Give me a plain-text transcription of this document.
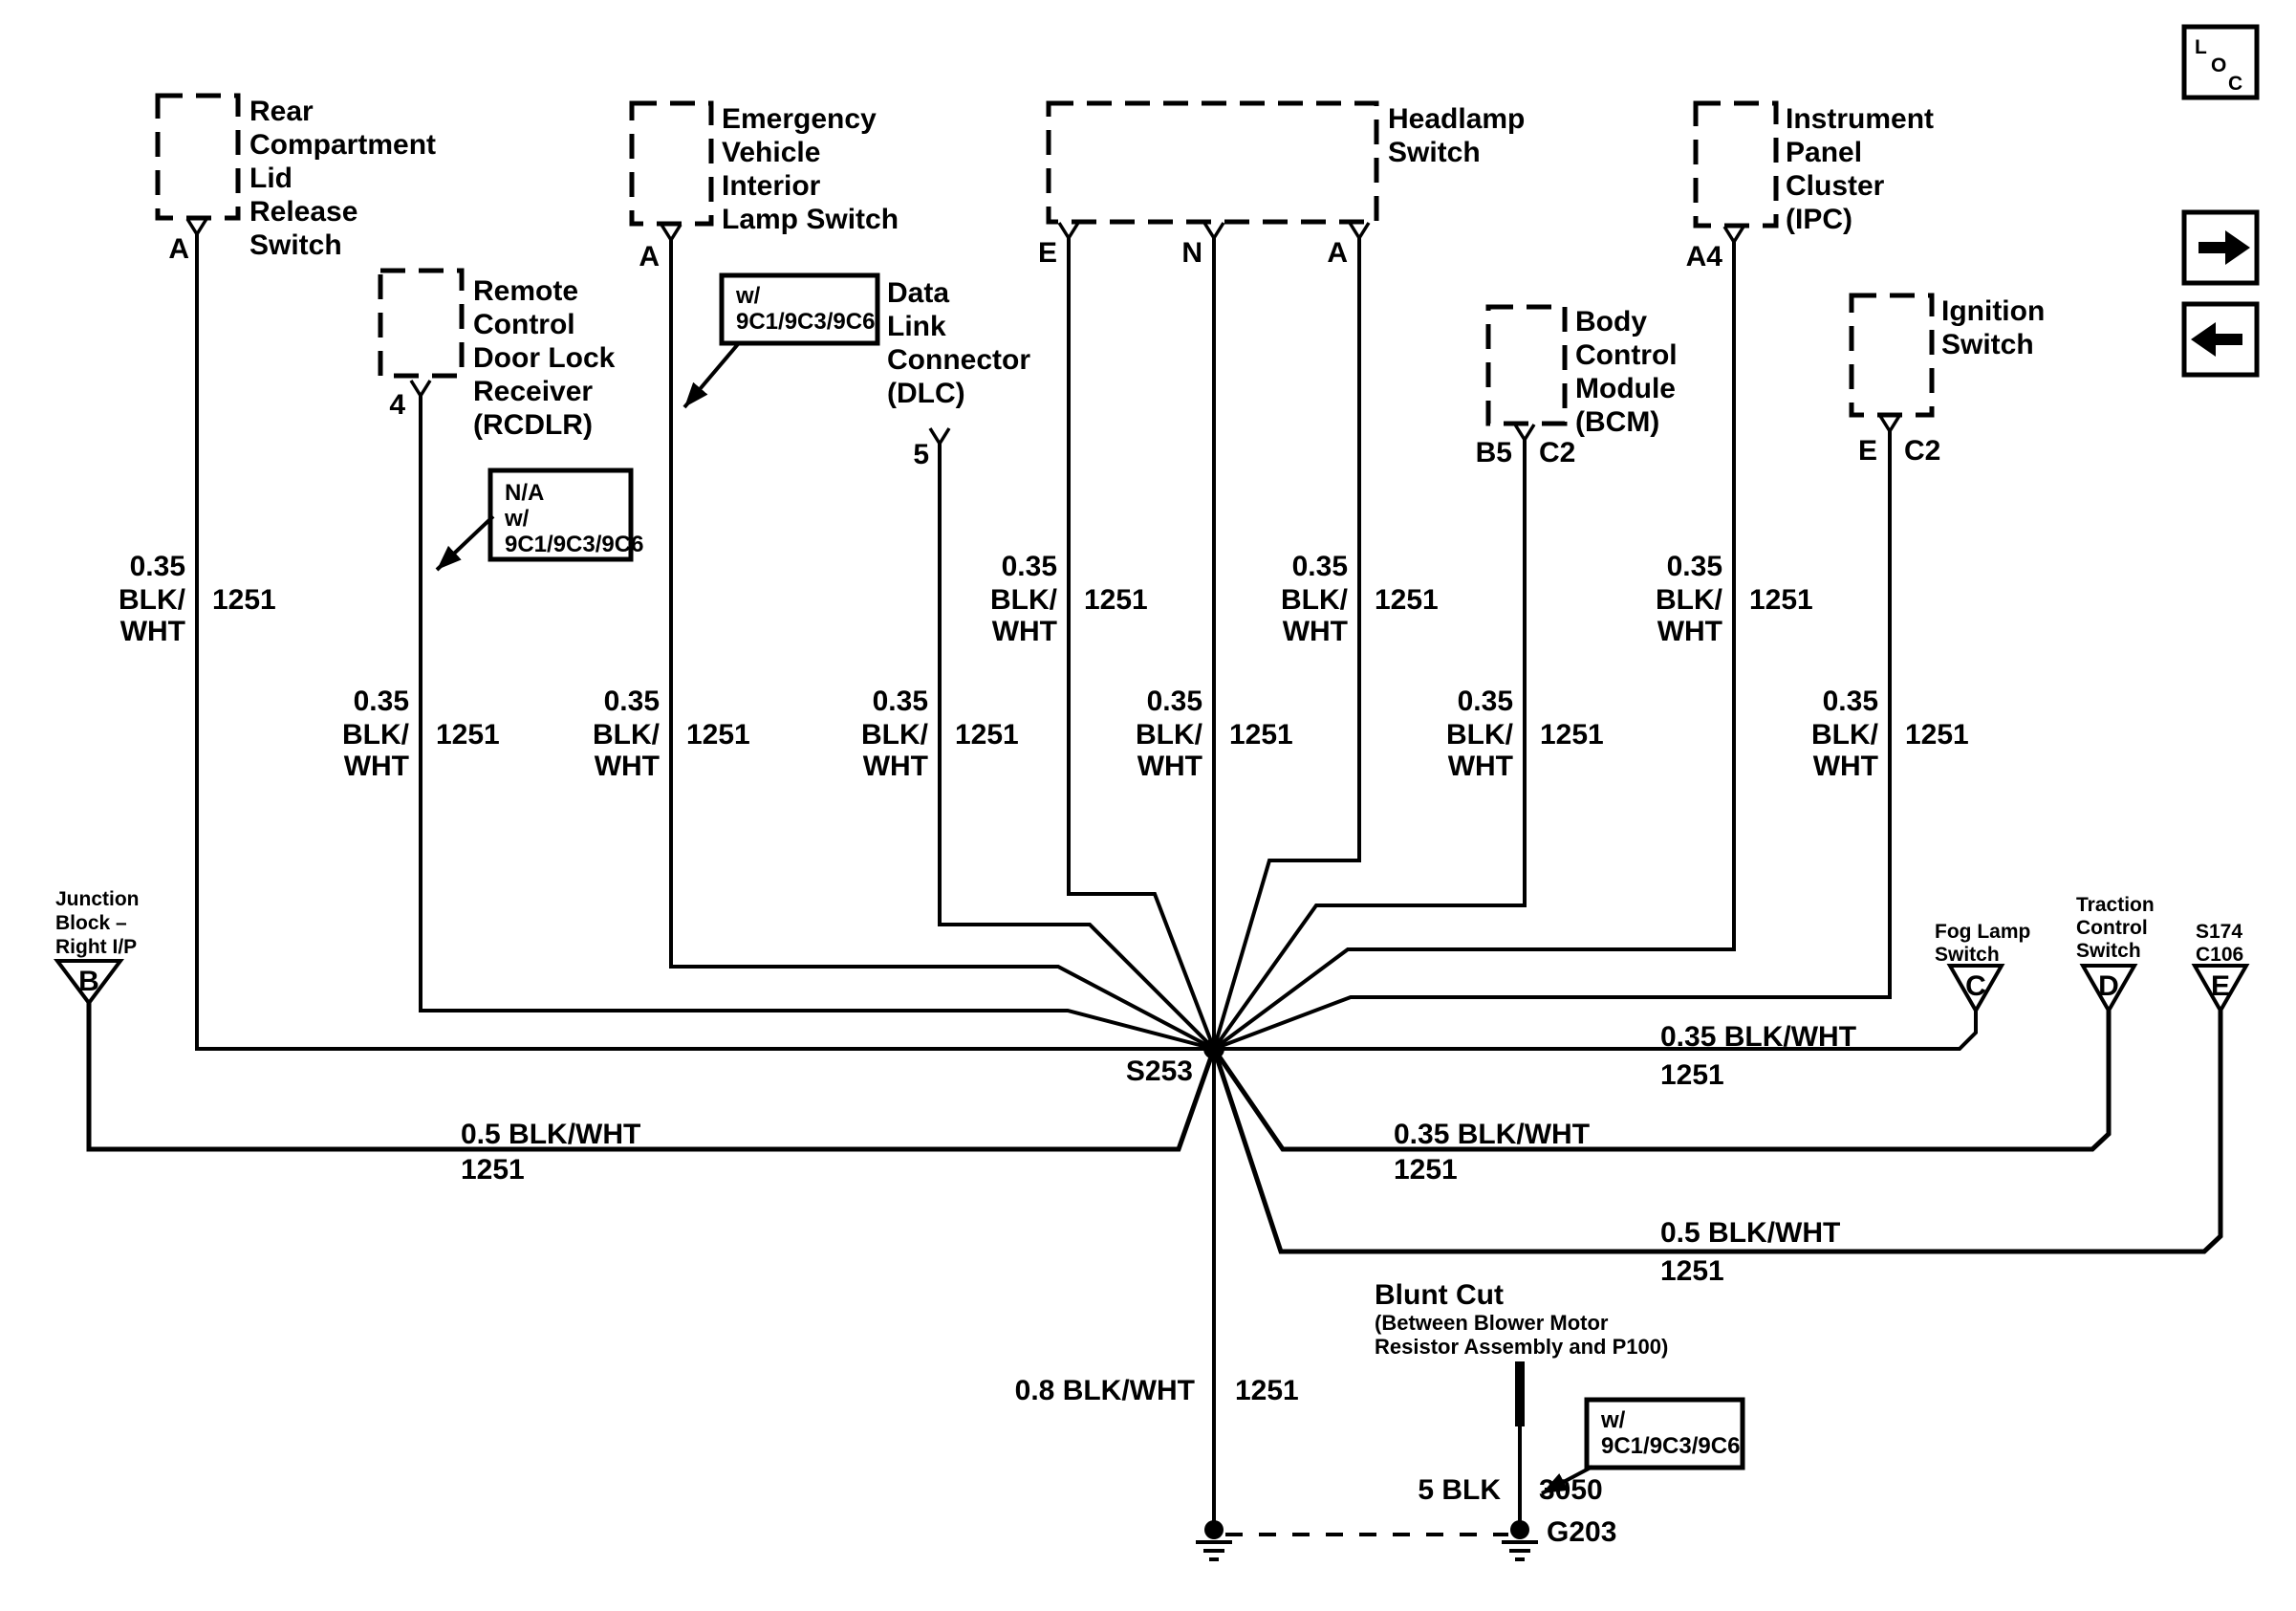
L
O
C
Rear
Compartment
Lid
Release
Switch
A
Remote
Control
Door Lock
Receiver
(RCDLR)
4
Emergency
Vehicle
Interior
Lamp Switch
A
Data
Link
Connector
(DLC)
5
Headlamp
Switch
E	N	A
Body
Control
Module
(BCM)
B5 C2
Instrument
Panel
Cluster
(IPC)
A4
Ignition
Switch
E C2
Junction
Block –
Right I/P
B
Fog Lamp
Switch
C
Traction
Control
Switch
D
S174
C106
E
0.35
BLK/
WHT
1251
0.35
BLK/
WHT
1251
0.35
BLK/
WHT
1251
0.35
BLK/
WHT
1251
0.35
BLK/
WHT
1251
0.35
BLK/
WHT
1251
0.35
BLK/
WHT
1251
0.35
BLK/
WHT
1251
0.35
BLK/
WHT
1251
0.35
BLK/
WHT
1251
0.5 BLK/WHT
1251
0.35 BLK/WHT
1251
0.35 BLK/WHT
1251
0.5 BLK/WHT
1251
0.8 BLK/WHT 1251
5 BLK 3050
S253
G203
N/A
w/
9C1/9C3/9C6
w/
9C1/9C3/9C6
w/
9C1/9C3/9C6
Blunt Cut
(Between Blower Motor
Resistor Assembly and P100)
